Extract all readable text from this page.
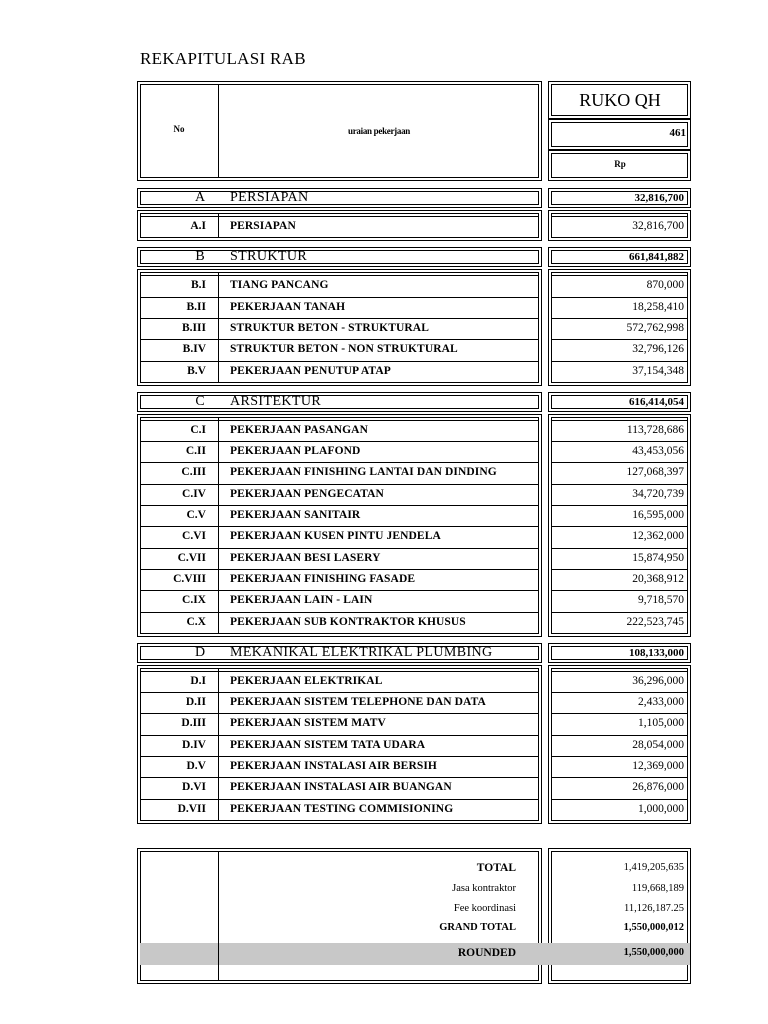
REKAPITULASI RAB
No	uraian pekerjaan
RUKO QH
461
Rp
A	PERSIAPAN	32,816,700
A.I PERSIAPAN	32,816,700
B	STRUKTUR	661,841,882
B.I TIANG PANCANG	870,000
B.II PEKERJAAN TANAH	18,258,410
B.III STRUKTUR BETON - STRUKTURAL	572,762,998
B.IV STRUKTUR BETON - NON STRUKTURAL	32,796,126
B.V PEKERJAAN PENUTUP ATAP	37,154,348
C	ARSITEKTUR	616,414,054
C.I PEKERJAAN PASANGAN	113,728,686
C.II PEKERJAAN PLAFOND	43,453,056
C.III PEKERJAAN FINISHING LANTAI DAN DINDING	127,068,397
C.IV PEKERJAAN PENGECATAN	34,720,739
C.V PEKERJAAN SANITAIR	16,595,000
C.VI PEKERJAAN KUSEN PINTU JENDELA	12,362,000
C.VII PEKERJAAN BESI LASERY	15,874,950
C.VIII PEKERJAAN FINISHING FASADE	20,368,912
C.IX PEKERJAAN LAIN - LAIN	9,718,570
C.X PEKERJAAN SUB KONTRAKTOR KHUSUS	222,523,745
D	MEKANIKAL ELEKTRIKAL PLUMBING	108,133,000
D.I PEKERJAAN ELEKTRIKAL	36,296,000
D.II PEKERJAAN SISTEM TELEPHONE DAN DATA	2,433,000
D.III PEKERJAAN SISTEM MATV	1,105,000
D.IV PEKERJAAN SISTEM TATA UDARA	28,054,000
D.V PEKERJAAN INSTALASI AIR BERSIH	12,369,000
D.VI PEKERJAAN INSTALASI AIR BUANGAN	26,876,000
D.VII PEKERJAAN TESTING COMMISIONING	1,000,000
TOTAL	1,419,205,635
Jasa kontraktor	119,668,189
Fee koordinasi	11,126,187.25
GRAND TOTAL	1,550,000,012
ROUNDED	1,550,000,000
